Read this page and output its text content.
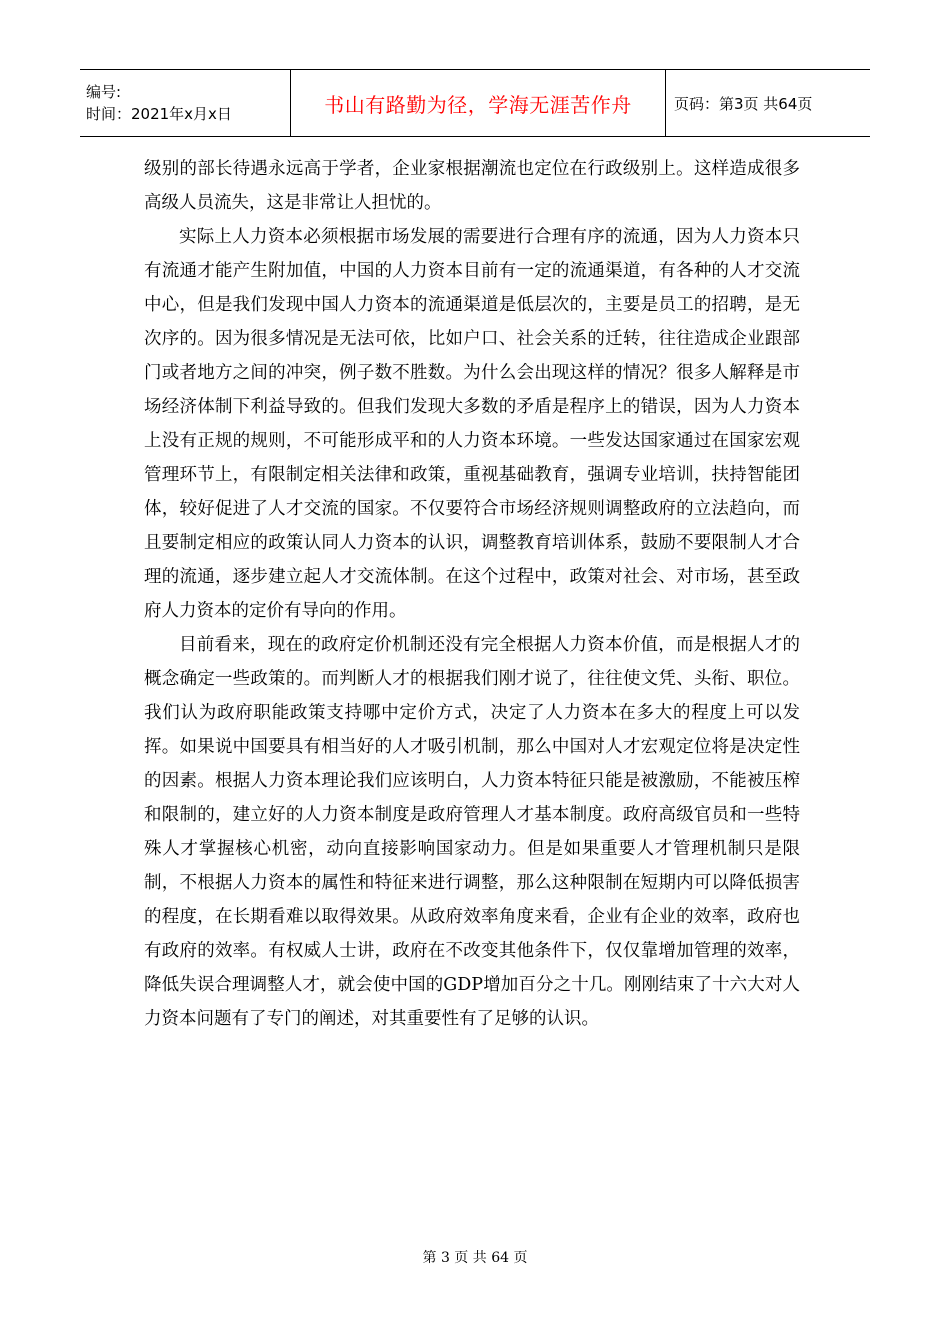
编号:
时间：2021年x月x日	书山有路勤为径，学海无涯苦作舟	页码：第3页 共64页

级别的部长待遇永远高于学者，企业家根据潮流也定位在行政级别上。这样造成很多高级人员流失，这是非常让人担忧的。

实际上人力资本必须根据市场发展的需要进行合理有序的流通，因为人力资本只有流通才能产生附加值，中国的人力资本目前有一定的流通渠道，有各种的人才交流中心，但是我们发现中国人力资本的流通渠道是低层次的，主要是员工的招聘，是无次序的。因为很多情况是无法可依，比如户口、社会关系的迁转，往往造成企业跟部门或者地方之间的冲突，例子数不胜数。为什么会出现这样的情况？很多人解释是市场经济体制下利益导致的。但我们发现大多数的矛盾是程序上的错误，因为人力资本上没有正规的规则，不可能形成平和的人力资本环境。一些发达国家通过在国家宏观管理环节上，有限制定相关法律和政策，重视基础教育，强调专业培训，扶持智能团体，较好促进了人才交流的国家。不仅要符合市场经济规则调整政府的立法趋向，而且要制定相应的政策认同人力资本的认识，调整教育培训体系，鼓励不要限制人才合理的流通，逐步建立起人才交流体制。在这个过程中，政策对社会、对市场，甚至政府人力资本的定价有导向的作用。

目前看来，现在的政府定价机制还没有完全根据人力资本价值，而是根据人才的概念确定一些政策的。而判断人才的根据我们刚才说了，往往使文凭、头衔、职位。我们认为政府职能政策支持哪中定价方式，决定了人力资本在多大的程度上可以发挥。如果说中国要具有相当好的人才吸引机制，那么中国对人才宏观定位将是决定性的因素。根据人力资本理论我们应该明白，人力资本特征只能是被激励，不能被压榨和限制的，建立好的人力资本制度是政府管理人才基本制度。政府高级官员和一些特殊人才掌握核心机密，动向直接影响国家动力。但是如果重要人才管理机制只是限制，不根据人力资本的属性和特征来进行调整，那么这种限制在短期内可以降低损害的程度，在长期看难以取得效果。从政府效率角度来看，企业有企业的效率，政府也有政府的效率。有权威人士讲，政府在不改变其他条件下，仅仅靠增加管理的效率，降低失误合理调整人才，就会使中国的GDP增加百分之十几。刚刚结束了十六大对人力资本问题有了专门的阐述，对其重要性有了足够的认识。

第 3 页 共 64 页
